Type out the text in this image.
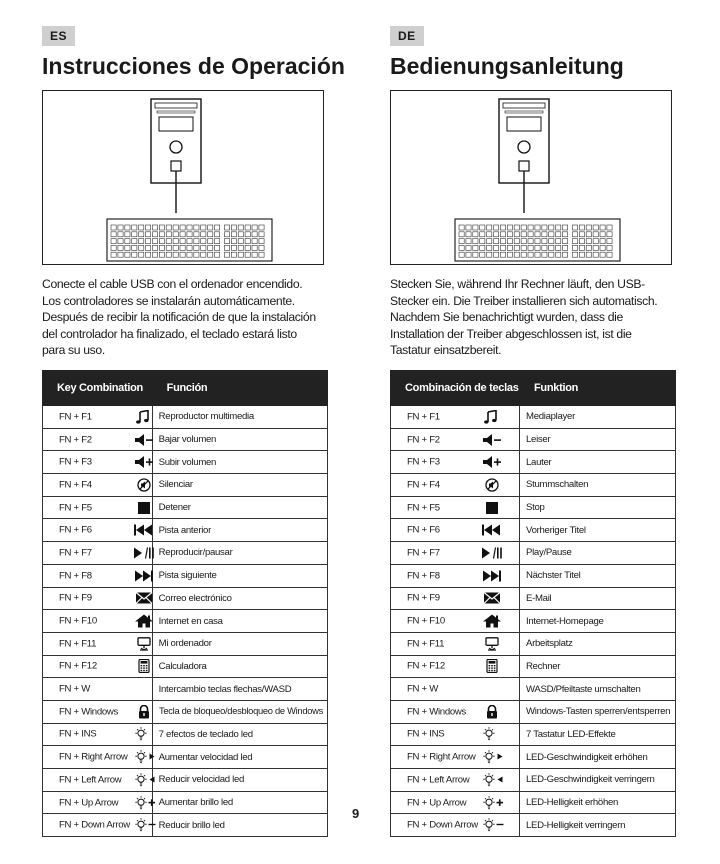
ES
Instrucciones de Operación
Conecte el cable USB con el ordenador encendido.
Los controladores se instalarán automáticamente.
Después de recibir la notificación de que la instalación
del controlador ha finalizado, el teclado estará listo
para su uso.
Key Combination	Función

FN + F1	Reproductor multimedia

FN + F2	Bajar volumen

FN + F3	Subir volumen

FN + F4	Silenciar

FN + F5	Detener

FN + F6	Pista anterior

FN + F7	Reproducir/pausar

FN + F8	Pista siguiente

FN + F9	Correo electrónico

FN + F10	Internet en casa

FN + F11	Mi ordenador

FN + F12	Calculadora

FN + W	Intercambio teclas flechas/WASD

FN + Windows	Tecla de bloqueo/desbloqueo de Windows

FN + INS	7 efectos de teclado led

FN + Right Arrow	Aumentar velocidad led

FN + Left Arrow	Reducir velocidad led

FN + Up Arrow	Aumentar brillo led

FN + Down Arrow	Reducir brillo led
DE
Bedienungsanleitung
Stecken Sie, während Ihr Rechner läuft, den USB-
Stecker ein. Die Treiber installieren sich automatisch.
Nachdem Sie benachrichtigt wurden, dass die
Installation der Treiber abgeschlossen ist, ist die
Tastatur einsatzbereit.
Combinación de teclas	Funktion

FN + F1	Mediaplayer

FN + F2	Leiser

FN + F3	Lauter

FN + F4	Stummschalten

FN + F5	Stop

FN + F6	Vorheriger Titel

FN + F7	Play/Pause

FN + F8	Nächster Titel

FN + F9	E-Mail

FN + F10	Internet-Homepage

FN + F11	Arbeitsplatz

FN + F12	Rechner

FN + W	WASD/Pfeiltaste umschalten

FN + Windows	Windows-Tasten sperren/entsperren

FN + INS	7 Tastatur LED-Effekte

FN + Right Arrow	LED-Geschwindigkeit erhöhen

FN + Left Arrow	LED-Geschwindigkeit verringern

FN + Up Arrow	LED-Helligkeit erhöhen

FN + Down Arrow	LED-Helligkeit verringern
9
